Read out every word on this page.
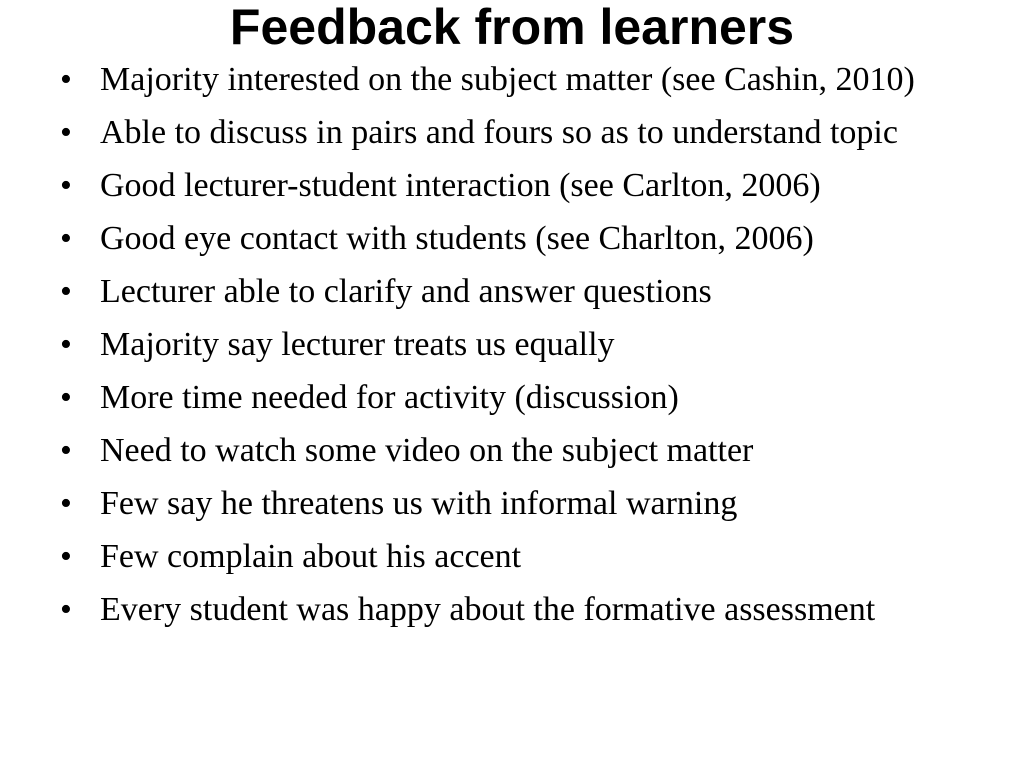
Feedback from learners
• Majority interested on the subject matter (see Cashin, 2010)
• Able to discuss in pairs and fours so as to understand topic
• Good lecturer-student interaction (see Carlton, 2006)
• Good eye contact with students (see Charlton, 2006)
• Lecturer able to clarify and answer questions
• Majority say lecturer treats us equally
• More time needed for activity (discussion)
• Need to watch some video on the subject matter
• Few say he threatens us with informal warning
• Few complain about his accent
• Every student was happy about the formative assessment
